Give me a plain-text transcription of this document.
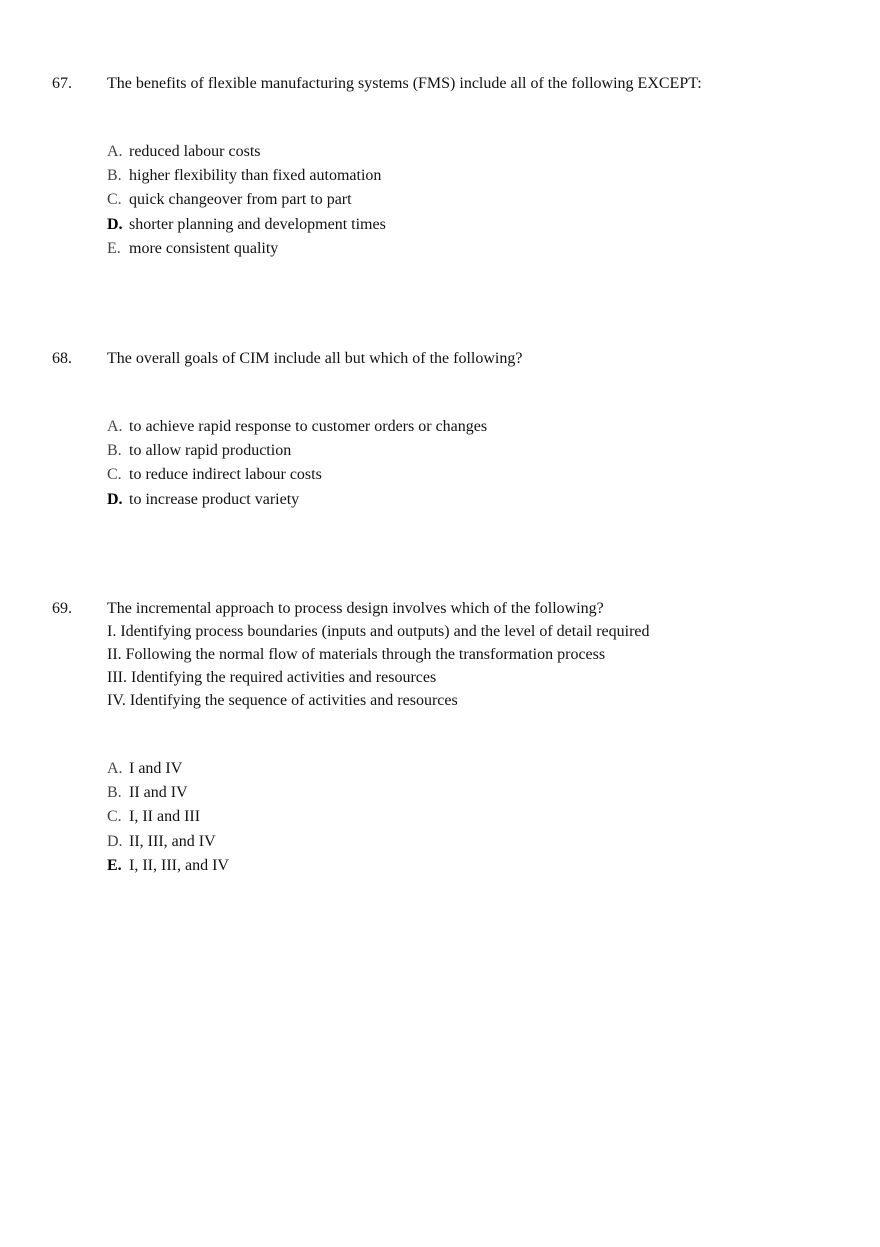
67. The benefits of flexible manufacturing systems (FMS) include all of the following EXCEPT:
A. reduced labour costs
B. higher flexibility than fixed automation
C. quick changeover from part to part
D. shorter planning and development times
E. more consistent quality
68. The overall goals of CIM include all but which of the following?
A. to achieve rapid response to customer orders or changes
B. to allow rapid production
C. to reduce indirect labour costs
D. to increase product variety
69. The incremental approach to process design involves which of the following?
I. Identifying process boundaries (inputs and outputs) and the level of detail required
II. Following the normal flow of materials through the transformation process
III. Identifying the required activities and resources
IV. Identifying the sequence of activities and resources
A. I and IV
B. II and IV
C. I, II and III
D. II, III, and IV
E. I, II, III, and IV
